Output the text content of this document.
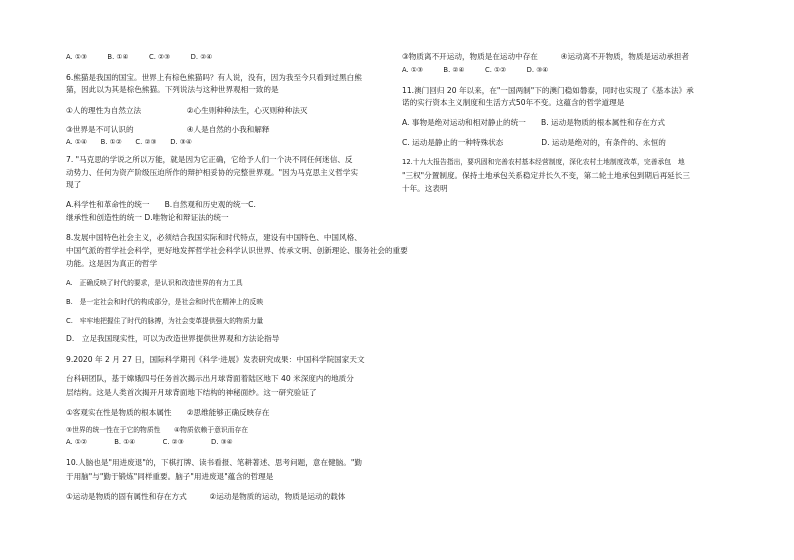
A. ①③　　　B. ①④　　　C. ②③　　　D. ②④
6.熊猫是我国的国宝。世界上有棕色熊猫吗？有人说，没有，因为我至今只看到过黑白熊
猫，因此以为其是棕色熊猫。下列说法与这种世界观相一致的是
①人的理性为自然立法　　　　　　②心生则种种法生，心灭则种种法灭
③世界是不可认识的　　　　　　　④人是自然的小我和解释
A. ①④　　B. ①②　　C. ②③　　D. ③④
7. "马克思的学说之所以万能，就是因为它正确，它给予人们一个决不同任何迷信、反
动势力、任何为资产阶级压迫所作的辩护相妥协的完整世界观。"因为马克思主义哲学实
现了
A.科学性和革命性的统一　　B.自然观和历史观的统一C.
继承性和创造性的统一 D.唯物论和辩证法的统一
8.发展中国特色社会主义，必须结合我国实际和时代特点，建设有中国特色、中国风格、
中国气派的哲学社会科学，更好地发挥哲学社会科学认识世界、传承文明、创新理论、服务社会的重要
功能。这是因为真正的哲学
A.　正确反映了时代的要求，是认识和改造世界的有力工具
B.　是一定社会和时代的构成部分，是社会和时代在精神上的反映
C.　牢牢地把握住了时代的脉搏，为社会变革提供强大的物质力量
D.　立足我国现实性，可以为改造世界提供世界观和方法论指导
9.2020 年 2 月 27 日，国际科学期刊《科学·进展》发表研究成果：中国科学院国家天文
台科研团队，基于嫦娥四号任务首次揭示出月球背面着陆区地下 40 米深度内的地质分
层结构。这是人类首次揭开月球背面地下结构的神秘面纱。这一研究验证了
①客观实在性是物质的根本属性　　②思维能够正确反映存在
③世界的统一性在于它的物质性　　④物质依赖于意识而存在
A. ①②　　　　B. ①④　　　　C. ②③　　　　D. ③④
10.人脑也是"用进废退"的，下棋打牌、读书看报、笔耕著述、思考问题，意在健脑。"勤
于用脑"与"勤于锻炼"同样重要。脑子"用进废退"蕴含的哲理是
①运动是物质的固有属性和存在方式　　　②运动是物质的运动，物质是运动的载体
③物质离不开运动，物质是在运动中存在　　　④运动离不开物质，物质是运动承担者
A. ①③　　　B. ②④　　　C. ①②　　　D. ③④
11.澳门回归 20 年以来，在"一国两制"下的澳门稳如磐泰，同时也实现了《基本法》承
诺的实行资本主义制度和生活方式50年不变。这蕴含的哲学道理是
A. 事物是绝对运动和相对静止的统一　　B. 运动是物质的根本属性和存在方式
C. 运动是静止的一种特殊状态　　　　　D. 运动是绝对的，有条件的、永恒的
12.十九大报告指出，要巩固和完善农村基本经营制度，深化农村土地制度改革，完善承包　地
"三权"分置制度。保持土地承包关系稳定并长久不变，第二轮土地承包到期后再延长三
十年。这表明
